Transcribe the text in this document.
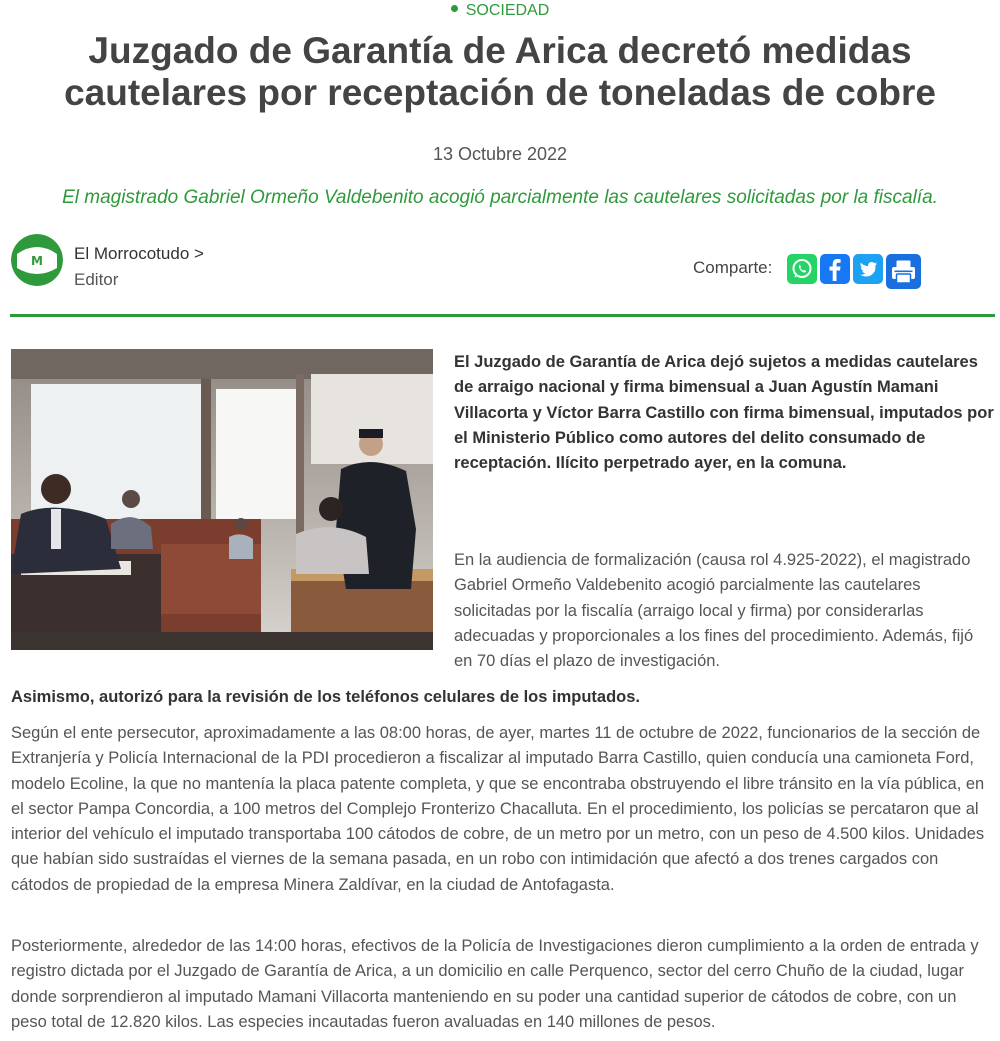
SOCIEDAD
Juzgado de Garantía de Arica decretó medidas cautelares por receptación de toneladas de cobre
13 Octubre 2022
El magistrado Gabriel Ormeño Valdebenito acogió parcialmente las cautelares solicitadas por la fiscalía.
M El Morrocotudo >
Editor
Comparte:

El Juzgado de Garantía de Arica dejó sujetos a medidas cautelares de arraigo nacional y firma bimensual a Juan Agustín Mamani Villacorta y Víctor Barra Castillo con firma bimensual, imputados por el Ministerio Público como autores del delito consumado de receptación. Ilícito perpetrado ayer, en la comuna.

En la audiencia de formalización (causa rol 4.925-2022), el magistrado Gabriel Ormeño Valdebenito acogió parcialmente las cautelares solicitadas por la fiscalía (arraigo local y firma) por considerarlas adecuadas y proporcionales a los fines del procedimiento. Además, fijó en 70 días el plazo de investigación.

Asimismo, autorizó para la revisión de los teléfonos celulares de los imputados.

Según el ente persecutor, aproximadamente a las 08:00 horas, de ayer, martes 11 de octubre de 2022, funcionarios de la sección de Extranjería y Policía Internacional de la PDI procedieron a fiscalizar al imputado Barra Castillo, quien conducía una camioneta Ford, modelo Ecoline, la que no mantenía la placa patente completa, y que se encontraba obstruyendo el libre tránsito en la vía pública, en el sector Pampa Concordia, a 100 metros del Complejo Fronterizo Chacalluta. En el procedimiento, los policías se percataron que al interior del vehículo el imputado transportaba 100 cátodos de cobre, de un metro por un metro, con un peso de 4.500 kilos. Unidades que habían sido sustraídas el viernes de la semana pasada, en un robo con intimidación que afectó a dos trenes cargados con cátodos de propiedad de la empresa Minera Zaldívar, en la ciudad de Antofagasta.

Posteriormente, alrededor de las 14:00 horas, efectivos de la Policía de Investigaciones dieron cumplimiento a la orden de entrada y registro dictada por el Juzgado de Garantía de Arica, a un domicilio en calle Perquenco, sector del cerro Chuño de la ciudad, lugar donde sorprendieron al imputado Mamani Villacorta manteniendo en su poder una cantidad superior de cátodos de cobre, con un peso total de 12.820 kilos. Las especies incautadas fueron avaluadas en 140 millones de pesos.
